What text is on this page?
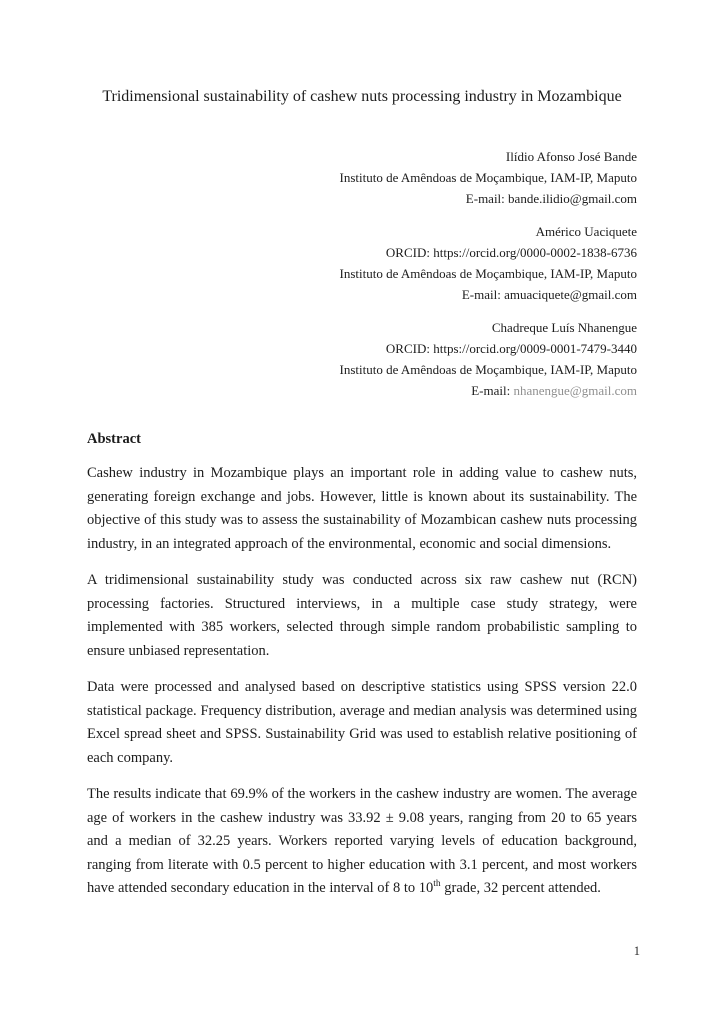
Tridimensional sustainability of cashew nuts processing industry in Mozambique
Ilídio Afonso José Bande
Instituto de Amêndoas de Moçambique, IAM-IP, Maputo
E-mail: bande.ilidio@gmail.com
Américo Uaciquete
ORCID: https://orcid.org/0000-0002-1838-6736
Instituto de Amêndoas de Moçambique, IAM-IP, Maputo
E-mail: amuaciquete@gmail.com
Chadreque Luís Nhanengue
ORCID: https://orcid.org/0009-0001-7479-3440
Instituto de Amêndoas de Moçambique, IAM-IP, Maputo
E-mail: nhanengue@gmail.com
Abstract

Cashew industry in Mozambique plays an important role in adding value to cashew nuts, generating foreign exchange and jobs. However, little is known about its sustainability. The objective of this study was to assess the sustainability of Mozambican cashew nuts processing industry, in an integrated approach of the environmental, economic and social dimensions.

A tridimensional sustainability study was conducted across six raw cashew nut (RCN) processing factories. Structured interviews, in a multiple case study strategy, were implemented with 385 workers, selected through simple random probabilistic sampling to ensure unbiased representation.

Data were processed and analysed based on descriptive statistics using SPSS version 22.0 statistical package. Frequency distribution, average and median analysis was determined using Excel spread sheet and SPSS. Sustainability Grid was used to establish relative positioning of each company.

The results indicate that 69.9% of the workers in the cashew industry are women. The average age of workers in the cashew industry was 33.92 ± 9.08 years, ranging from 20 to 65 years and a median of 32.25 years. Workers reported varying levels of education background, ranging from literate with 0.5 percent to higher education with 3.1 percent, and most workers have attended secondary education in the interval of 8 to 10th grade, 32 percent attended.

1
